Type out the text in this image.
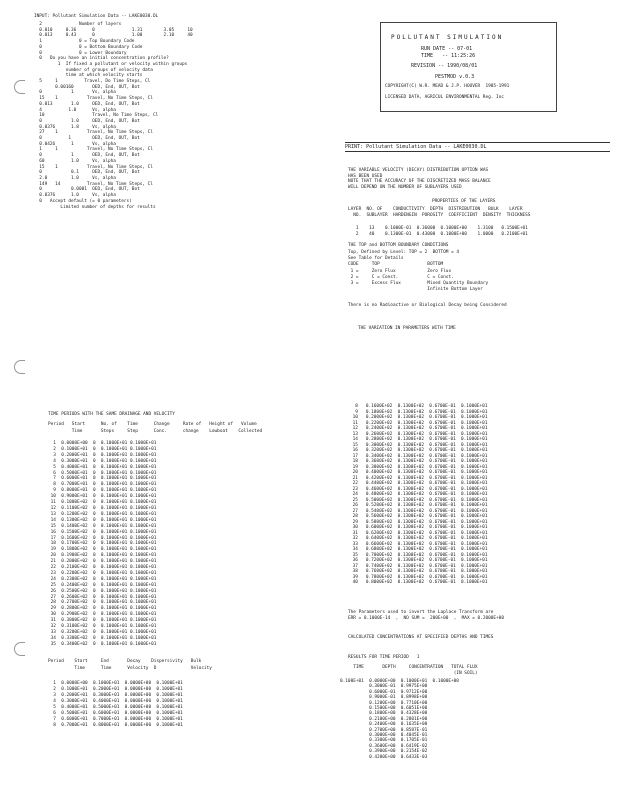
INPUT: Pollutant Simulation Data -- LAKE0030.DL
2              Number of layers
0.010     0.36      0              1.31        3.05     10
0.013     0.43      0              1.00        2.10     40
1              0 = Top Boundary Code
0              0 = Bottom Boundary Code
0              0 = Lower Boundary
0   Do you have an initial concentration profile?
1  If fixed a pollutant or velocity within groups
number of groups of velocity data
time at which velocity starts
5     1          Travel, Do Time Steps, Cl
0.00160       OED, End, OUT, Bot
0           1       Vs, alpha
15    1           Travel, No Time Steps, Cl
0.013       1.0     OED, End, OUT, Bot
4          1.0      Vs, alpha
10                  Travel, No Time Steps, Cl
0           1.0     OED, End, OUT, Bot
0.0376      1.8     Vs, alpha
27    1           Travel, No Time Steps, Cl
0          1        OED, End, OUT, Bot
0.0426      1       Vs, alpha
1     1           Travel, No Time Steps, Cl
0           1       OED, End, OUT, Bot
60          1.0     Vs, alpha
15    1           Travel, No Time Steps, Cl
0           0.1     OED, End, OUT, Bot
2.0         1.0     Vs, alpha
149   14          Travel, No Time Steps, Cl
0           0.0001  OED, End, OUT, Bot
0.0376      1.0     Vs, alpha
0   Accept default (= 0 parameters)
Limited number of depths for results
POLLUTANT SIMULATION
RUN DATE -- 07-01
TIME   -- 11:25:26
REVISION -- 1990/08/01
PESTMOD v.0.3
COPYRIGHT(C) W.R. MEAD & J.P. HOOVER  1985-1991
LICENSED DATA, AGRICUL ENVIRONMENTAL Reg. Inc
PRINT: Pollutant Simulation Data -- LAKE0030.DL
THE VARIABLE VELOCITY (DECAY) DISTRIBUTION OPTION WAS
HAS BEEN USED
NOTE THAT THE ACCURACY OF THE DISCRETIZED MASS BALANCE
WILL DEPEND ON THE NUMBER OF SUBLAYERS USED
PROPERTIES OF THE LAYERS
LAYER  NO. OF    CONDUCTIVITY  DEPTH  DISTRIBUTION   BULK    LAYER
NO.  SUBLAYER  HARDENGIN  POROSITY  COEFFICIENT  DENSITY  THICKNESS
1    13    0.1000E-01  0.36000  0.1000E+00    1.3100   0.1500E+01
2    40    0.1300E-01  0.43000  0.1000E+00    1.0000   0.2100E+01
THE TOP and BOTTOM BOUNDARY CONDITIONS
Top, Defined by Level: TOP = 2  BOTTOM = 4
See Table for Details
CODE     TOP                  BOTTOM
1 =     Zero Flux            Zero Flux
2 =     C = Const.           C = Const.
3 =     Excess Flux          Mixed Quantity Boundary
Infinite Bottom Layer
There is no Radioactive or Biological Decay being Considered
THE VARIATION IN PARAMETERS WITH TIME
TIME PERIODS WITH THE SAME DRAINAGE AND VELOCITY
Period   Start      No. of    Time      Change     Rate of   Height of   Volume
Time       Steps     Step      Conc.      change    Lowboat    Collected
1  0.0000E+00  0  0.1000E+01 0.1000E+01
2  0.1000E+01  0  0.1000E+01 0.1000E+01
3  0.2000E+01  0  0.1000E+01 0.1000E+01
4  0.3000E+01  0  0.1000E+01 0.1000E+01
5  0.4000E+01  0  0.1000E+01 0.1000E+01
6  0.5000E+01  0  0.1000E+01 0.1000E+01
7  0.6000E+01  0  0.1000E+01 0.1000E+01
8  0.7000E+01  0  0.1000E+01 0.1000E+01
9  0.8000E+01  0  0.1000E+01 0.1000E+01
10  0.9000E+01  0  0.1000E+01 0.1000E+01
11  0.1000E+02  0  0.1000E+01 0.1000E+01
12  0.1100E+02  0  0.1000E+01 0.1000E+01
13  0.1200E+02  0  0.1000E+01 0.1000E+01
14  0.1300E+02  0  0.1000E+01 0.1000E+01
15  0.1400E+02  0  0.1000E+01 0.1000E+01
16  0.1500E+02  0  0.1000E+01 0.1000E+01
17  0.1600E+02  0  0.1000E+01 0.1000E+01
18  0.1700E+02  0  0.1000E+01 0.1000E+01
19  0.1800E+02  0  0.1000E+01 0.1000E+01
20  0.1900E+02  0  0.1000E+01 0.1000E+01
21  0.2000E+02  0  0.1000E+01 0.1000E+01
22  0.2100E+02  0  0.1000E+01 0.1000E+01
23  0.2200E+02  0  0.1000E+01 0.1000E+01
24  0.2300E+02  0  0.1000E+01 0.1000E+01
25  0.2400E+02  0  0.1000E+01 0.1000E+01
26  0.2500E+02  0  0.1000E+01 0.1000E+01
27  0.2600E+02  0  0.1000E+01 0.1000E+01
28  0.2700E+02  0  0.1000E+01 0.1000E+01
29  0.2800E+02  0  0.1000E+01 0.1000E+01
30  0.2900E+02  0  0.1000E+01 0.1000E+01
31  0.3000E+02  0  0.1000E+01 0.1000E+01
32  0.3100E+02  0  0.1000E+01 0.1000E+01
33  0.3200E+02  0  0.1000E+01 0.1000E+01
34  0.3300E+02  0  0.1000E+01 0.1000E+01
35  0.3400E+02  0  0.1000E+01 0.1000E+01
Period    Start     End       Decay    Dispersivity   Bulk
Time      Time      Velocity  D             Velocity
1  0.0000E+00  0.1000E+01  0.0000E+00  0.1000E+01
2  0.1000E+01  0.2000E+01  0.0000E+00  0.1000E+01
3  0.2000E+01  0.3000E+01  0.0000E+00  0.1000E+01
4  0.3000E+01  0.4000E+01  0.0000E+00  0.1000E+01
5  0.4000E+01  0.5000E+01  0.0000E+00  0.1000E+01
6  0.5000E+01  0.6000E+01  0.0000E+00  0.1000E+01
7  0.6000E+01  0.7000E+01  0.0000E+00  0.1000E+01
8  0.7000E+01  0.8000E+01  0.0000E+00  0.1000E+01
8   0.1600E+02  0.1300E+02  0.6700E-01  0.1000E+01
9   0.1800E+02  0.1300E+02  0.6700E-01  0.1000E+01
10   0.2000E+02  0.1300E+02  0.6700E-01  0.1000E+01
11   0.2200E+02  0.1300E+02  0.6700E-01  0.1000E+01
12   0.2400E+02  0.1300E+02  0.6700E-01  0.1000E+01
13   0.2600E+02  0.1300E+02  0.6700E-01  0.1000E+01
14   0.2800E+02  0.1300E+02  0.6700E-01  0.1000E+01
15   0.3000E+02  0.1300E+02  0.6700E-01  0.1000E+01
16   0.3200E+02  0.1300E+02  0.6700E-01  0.1000E+01
17   0.3400E+02  0.1300E+02  0.6700E-01  0.1000E+01
18   0.3600E+02  0.1300E+02  0.6700E-01  0.1000E+01
19   0.3800E+02  0.1300E+02  0.6700E-01  0.1000E+01
20   0.4000E+02  0.1300E+02  0.6700E-01  0.1000E+01
21   0.4200E+02  0.1300E+02  0.6700E-01  0.1000E+01
22   0.4400E+02  0.1300E+02  0.6700E-01  0.1000E+01
23   0.4600E+02  0.1300E+02  0.6700E-01  0.1000E+01
24   0.4800E+02  0.1300E+02  0.6700E-01  0.1000E+01
25   0.5000E+02  0.1300E+02  0.6700E-01  0.1000E+01
26   0.5200E+02  0.1300E+02  0.6700E-01  0.1000E+01
27   0.5400E+02  0.1300E+02  0.6700E-01  0.1000E+01
28   0.5600E+02  0.1300E+02  0.6700E-01  0.1000E+01
29   0.5800E+02  0.1300E+02  0.6700E-01  0.1000E+01
30   0.6000E+02  0.1300E+02  0.6700E-01  0.1000E+01
31   0.6200E+02  0.1300E+02  0.6700E-01  0.1000E+01
32   0.6400E+02  0.1300E+02  0.6700E-01  0.1000E+01
33   0.6600E+02  0.1300E+02  0.6700E-01  0.1000E+01
34   0.6800E+02  0.1300E+02  0.6700E-01  0.1000E+01
35   0.7000E+02  0.1300E+02  0.6700E-01  0.1000E+01
36   0.7200E+02  0.1300E+02  0.6700E-01  0.1000E+01
37   0.7400E+02  0.1300E+02  0.6700E-01  0.1000E+01
38   0.7600E+02  0.1300E+02  0.6700E-01  0.1000E+01
39   0.7800E+02  0.1300E+02  0.6700E-01  0.1000E+01
40   0.8000E+02  0.1300E+02  0.6700E-01  0.1000E+01
The Parameters used to invert the Laplace Transform are
ERR = 0.1000E-14  ,  NO SUM =  200E+00  ,  MAX = 0.2000E+00
CALCULATED CONCENTRATIONS AT SPECIFIED DEPTHS AND TIMES
RESULTS FOR TIME PERIOD   1
TIME       DEPTH     CONCENTRATION   TOTAL FLUX
(IN SOIL)
0.100E+01  0.0000E+00  0.1000E+01  0.1000E+00
0.3000E-01  0.9975E+00
0.6000E-01  0.9712E+00
0.9000E-01  0.8998E+00
0.1200E+00  0.7710E+00
0.1500E+00  0.6051E+00
0.1800E+00  0.4328E+00
0.2100E+00  0.2801E+00
0.2400E+00  0.1635E+00
0.2700E+00  0.8587E-01
0.3000E+00  0.4045E-01
0.3300E+00  0.1705E-01
0.3600E+00  0.6419E-02
0.3900E+00  0.2154E-02
0.4200E+00  0.6433E-03
